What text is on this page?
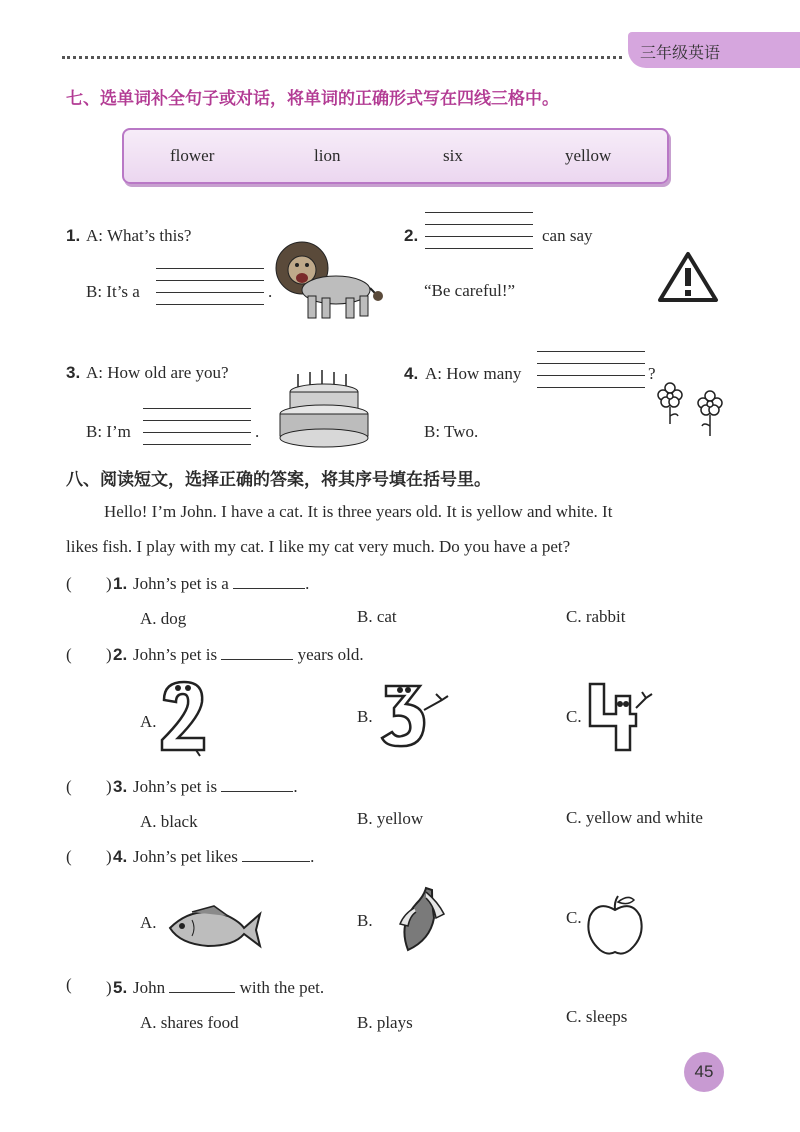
三年级英语
七、选单词补全句子或对话，将单词的正确形式写在四线三格中。
flower	lion	six	yellow
1. A: What’s this?
B: It’s a	.
2.	can say
“Be careful!”
3. A: How old are you?
B: I’m	.
4. A: How many	?
B: Two.
八、阅读短文，选择正确的答案，将其序号填在括号里。
Hello! I’m John. I have a cat. It is three years old. It is yellow and white. It
likes fish. I play with my cat. I like my cat very much. Do you have a pet?
( ) 1. John’s pet is a	.
A. dog	B. cat	C. rabbit
( ) 2. John’s pet is	years old.
A.	B.	C.
( ) 3. John’s pet is	.
A. black	B. yellow	C. yellow and white
( ) 4. John’s pet likes	.
A.	B.	C.
( ) 5. John	with the pet.
A. shares food	B. plays	C. sleeps
45
